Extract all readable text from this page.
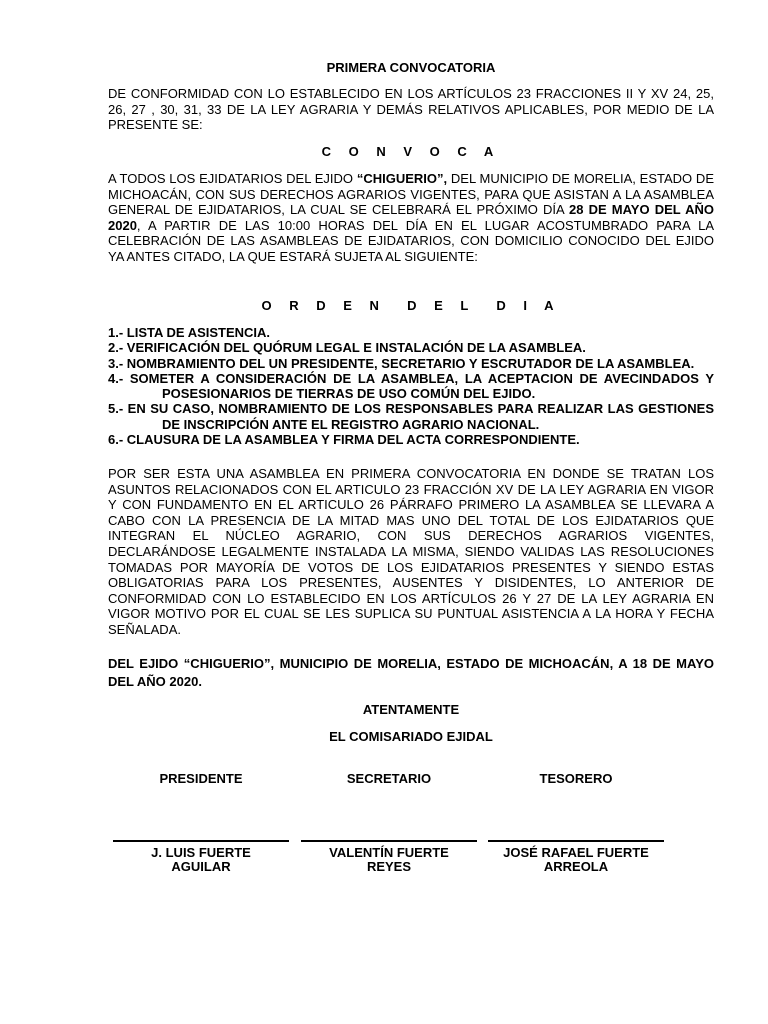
PRIMERA CONVOCATORIA

DE CONFORMIDAD CON LO ESTABLECIDO EN LOS ARTÍCULOS 23 FRACCIONES II Y XV 24, 25, 26, 27 , 30, 31, 33 DE LA LEY AGRARIA Y DEMÁS RELATIVOS APLICABLES, POR MEDIO DE LA PRESENTE SE:

C O N V O C A

A TODOS LOS EJIDATARIOS DEL EJIDO “CHIGUERIO”, DEL MUNICIPIO DE MORELIA, ESTADO DE MICHOACÁN, CON SUS DERECHOS AGRARIOS VIGENTES, PARA QUE ASISTAN A LA ASAMBLEA GENERAL DE EJIDATARIOS, LA CUAL SE CELEBRARÁ EL PRÓXIMO DÍA 28 DE MAYO DEL AÑO 2020, A PARTIR DE LAS 10:00 HORAS DEL DÍA EN EL LUGAR ACOSTUMBRADO PARA LA CELEBRACIÓN DE LAS ASAMBLEAS DE EJIDATARIOS, CON DOMICILIO CONOCIDO DEL EJIDO YA ANTES CITADO, LA QUE ESTARÁ SUJETA AL SIGUIENTE:

O R D E N  D E L  D I A
1.- LISTA DE ASISTENCIA.
2.- VERIFICACIÓN DEL QUÓRUM LEGAL E INSTALACIÓN DE LA ASAMBLEA.
3.- NOMBRAMIENTO DEL UN PRESIDENTE, SECRETARIO Y ESCRUTADOR DE LA ASAMBLEA.
4.- SOMETER A CONSIDERACIÓN DE LA ASAMBLEA, LA ACEPTACION DE AVECINDADOS Y POSESIONARIOS DE TIERRAS DE USO COMÚN DEL EJIDO.
5.- EN SU CASO, NOMBRAMIENTO DE LOS RESPONSABLES PARA REALIZAR LAS GESTIONES DE INSCRIPCIÓN ANTE EL REGISTRO AGRARIO NACIONAL.
6.- CLAUSURA DE LA ASAMBLEA Y FIRMA DEL ACTA CORRESPONDIENTE.

POR SER ESTA UNA ASAMBLEA EN PRIMERA CONVOCATORIA EN DONDE SE TRATAN LOS ASUNTOS RELACIONADOS CON EL ARTICULO 23 FRACCIÓN XV DE LA LEY AGRARIA EN VIGOR Y CON FUNDAMENTO EN EL ARTICULO 26 PÁRRAFO PRIMERO LA ASAMBLEA SE LLEVARA A CABO CON LA PRESENCIA DE LA MITAD MAS UNO DEL TOTAL DE LOS EJIDATARIOS QUE INTEGRAN EL NÚCLEO AGRARIO, CON SUS DERECHOS AGRARIOS VIGENTES, DECLARÁNDOSE LEGALMENTE INSTALADA LA MISMA, SIENDO VALIDAS LAS RESOLUCIONES TOMADAS POR MAYORÍA DE VOTOS DE LOS EJIDATARIOS PRESENTES Y SIENDO ESTAS OBLIGATORIAS PARA LOS PRESENTES, AUSENTES Y DISIDENTES, LO ANTERIOR DE CONFORMIDAD CON LO ESTABLECIDO EN LOS ARTÍCULOS 26 Y 27 DE LA LEY AGRARIA EN VIGOR MOTIVO POR EL CUAL SE LES SUPLICA SU PUNTUAL ASISTENCIA A LA HORA Y FECHA SEÑALADA.

DEL EJIDO “CHIGUERIO”, MUNICIPIO DE MORELIA, ESTADO DE MICHOACÁN, A 18 DE MAYO DEL AÑO 2020.

ATENTAMENTE
EL COMISARIADO EJIDAL
PRESIDENTE
J. LUIS FUERTE
AGUILAR
SECRETARIO
VALENTÍN FUERTE
REYES
TESORERO
JOSÉ RAFAEL FUERTE
ARREOLA
